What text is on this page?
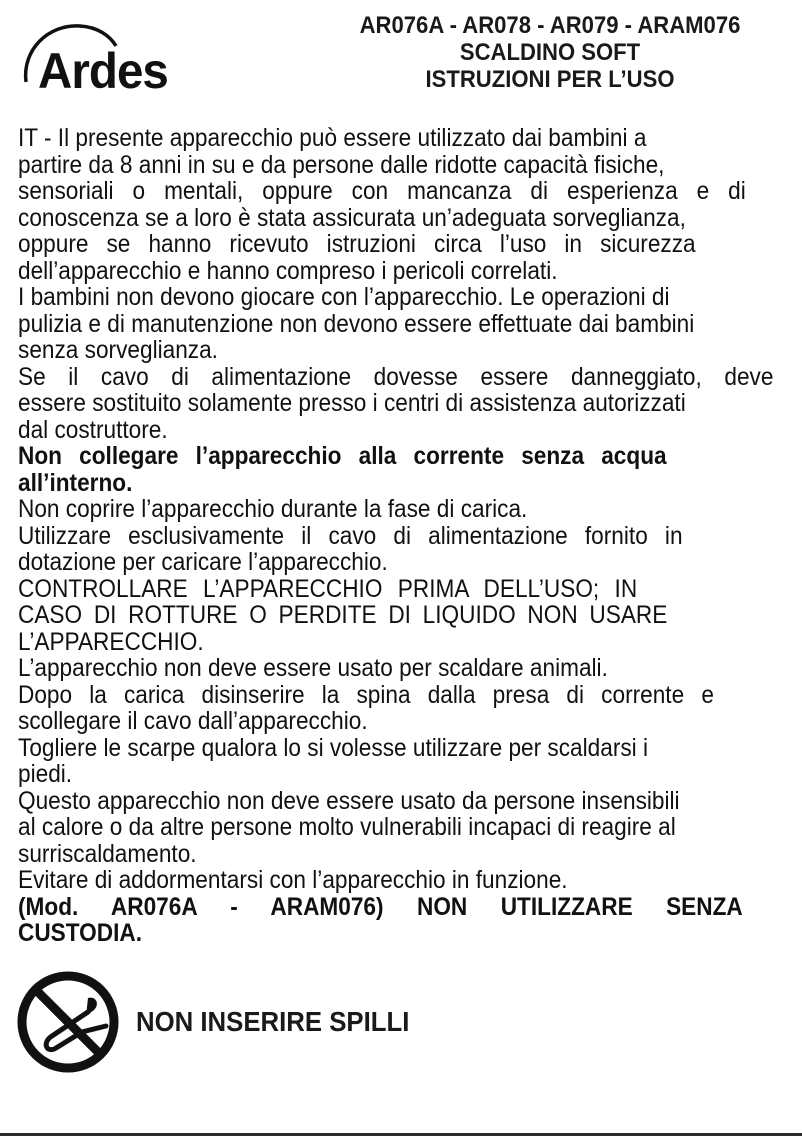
Ardes
AR076A - AR078 - AR079 - ARAM076
SCALDINO SOFT
ISTRUZIONI PER L’USO
IT - Il presente apparecchio può essere utilizzato dai bambini a
partire da 8 anni in su e da persone dalle ridotte capacità fisiche,
sensoriali o mentali, oppure con mancanza di esperienza e di
conoscenza se a loro è stata assicurata un’adeguata sorveglianza,
oppure se hanno ricevuto istruzioni circa l’uso in sicurezza
dell’apparecchio e hanno compreso i pericoli correlati.
I bambini non devono giocare con l’apparecchio. Le operazioni di
pulizia e di manutenzione non devono essere effettuate dai bambini
senza sorveglianza.
Se il cavo di alimentazione dovesse essere danneggiato, deve
essere sostituito solamente presso i centri di assistenza autorizzati
dal costruttore.
Non collegare l’apparecchio alla corrente senza acqua
all’interno.
Non coprire l’apparecchio durante la fase di carica.
Utilizzare esclusivamente il cavo di alimentazione fornito in
dotazione per caricare l’apparecchio.
CONTROLLARE L’APPARECCHIO PRIMA DELL’USO; IN
CASO DI ROTTURE O PERDITE DI LIQUIDO NON USARE
L’APPARECCHIO.
L’apparecchio non deve essere usato per scaldare animali.
Dopo la carica disinserire la spina dalla presa di corrente e
scollegare il cavo dall’apparecchio.
Togliere le scarpe qualora lo si volesse utilizzare per scaldarsi i
piedi.
Questo apparecchio non deve essere usato da persone insensibili
al calore o da altre persone molto vulnerabili incapaci di reagire al
surriscaldamento.
Evitare di addormentarsi con l’apparecchio in funzione.
(Mod. AR076A - ARAM076) NON UTILIZZARE SENZA
CUSTODIA.
NON INSERIRE SPILLI
